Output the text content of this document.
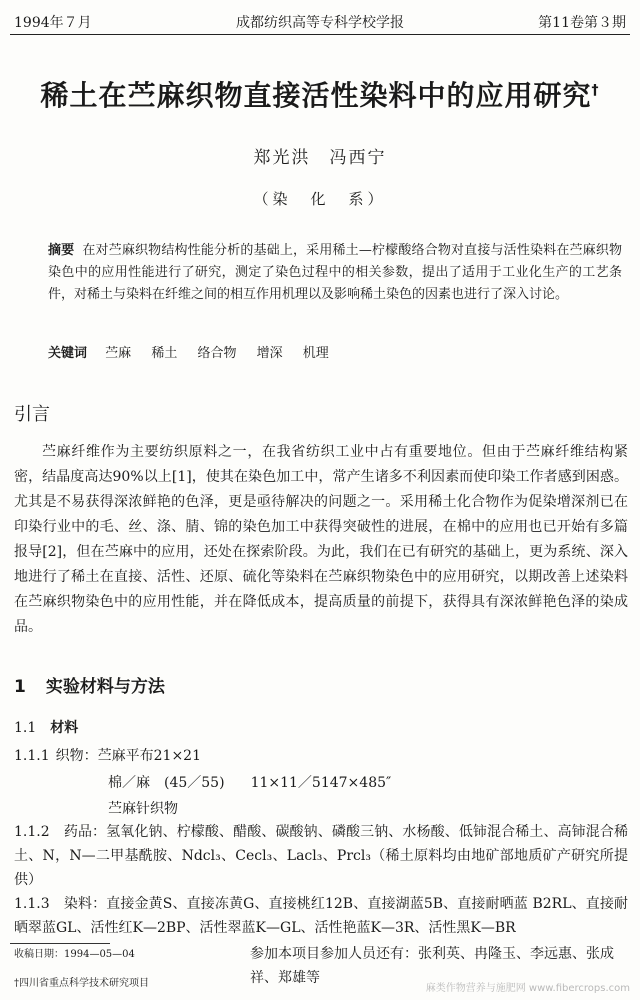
1994年７月	成都纺织高等专科学校学报	第11卷第３期
稀土在苎麻织物直接活性染料中的应用研究†
郑光洪　冯西宁
（染　化　系）
摘要 在对苎麻织物结构性能分析的基础上，采用稀土—柠檬酸络合物对直接与活性染料在苎麻织物染色中的应用性能进行了研究，测定了染色过程中的相关参数，提出了适用于工业化生产的工艺条件，对稀土与染料在纤维之间的相互作用机理以及影响稀土染色的因素也进行了深入讨论。
关键词 苎麻 稀土 络合物 增深 机理
引言
苎麻纤维作为主要纺织原料之一，在我省纺织工业中占有重要地位。但由于苎麻纤维结构紧密，结晶度高达90%以上[1]，使其在染色加工中，常产生诸多不利因素而使印染工作者感到困惑。尤其是不易获得深浓鲜艳的色泽，更是亟待解决的问题之一。采用稀土化合物作为促染增深剂已在印染行业中的毛、丝、涤、腈、锦的染色加工中获得突破性的进展，在棉中的应用也已开始有多篇报导[2]，但在苎麻中的应用，还处在探索阶段。为此，我们在已有研究的基础上，更为系统、深入地进行了稀土在直接、活性、还原、硫化等染料在苎麻织物染色中的应用研究，以期改善上述染料在苎麻织物染色中的应用性能，并在降低成本，提高质量的前提下，获得具有深浓鲜艳色泽的染成品。
1 实验材料与方法
1.1 材料
1.1.1 织物：苎麻平布21×21
棉／麻　(45／55) 11×11／5147×485″
苎麻针织物
1.1.2　 药品：氢氧化钠、柠檬酸、醋酸、碳酸钠、磷酸三钠、水杨酸、低铈混合稀土、高铈混合稀土、N，N—二甲基酰胺、Ndcl₃、Cecl₃、Lacl₃、Prcl₃（稀土原料均由地矿部地质矿产研究所提供）
1.1.3　 染料：直接金黄S、直接冻黄G、直接桃红12B、直接湖蓝5B、直接耐晒蓝 B2RL、直接耐晒翠蓝GL、活性红K—2BP、活性翠蓝K—GL、活性艳蓝K—3R、活性黑K—BR
收稿日期：1994—05—04
†四川省重点科学技术研究项目
参加本项目参加人员还有：张利英、冉隆玉、李远惠、张成祥、郑雄等
麻类作物营养与施肥网 www.fibercrops.com
